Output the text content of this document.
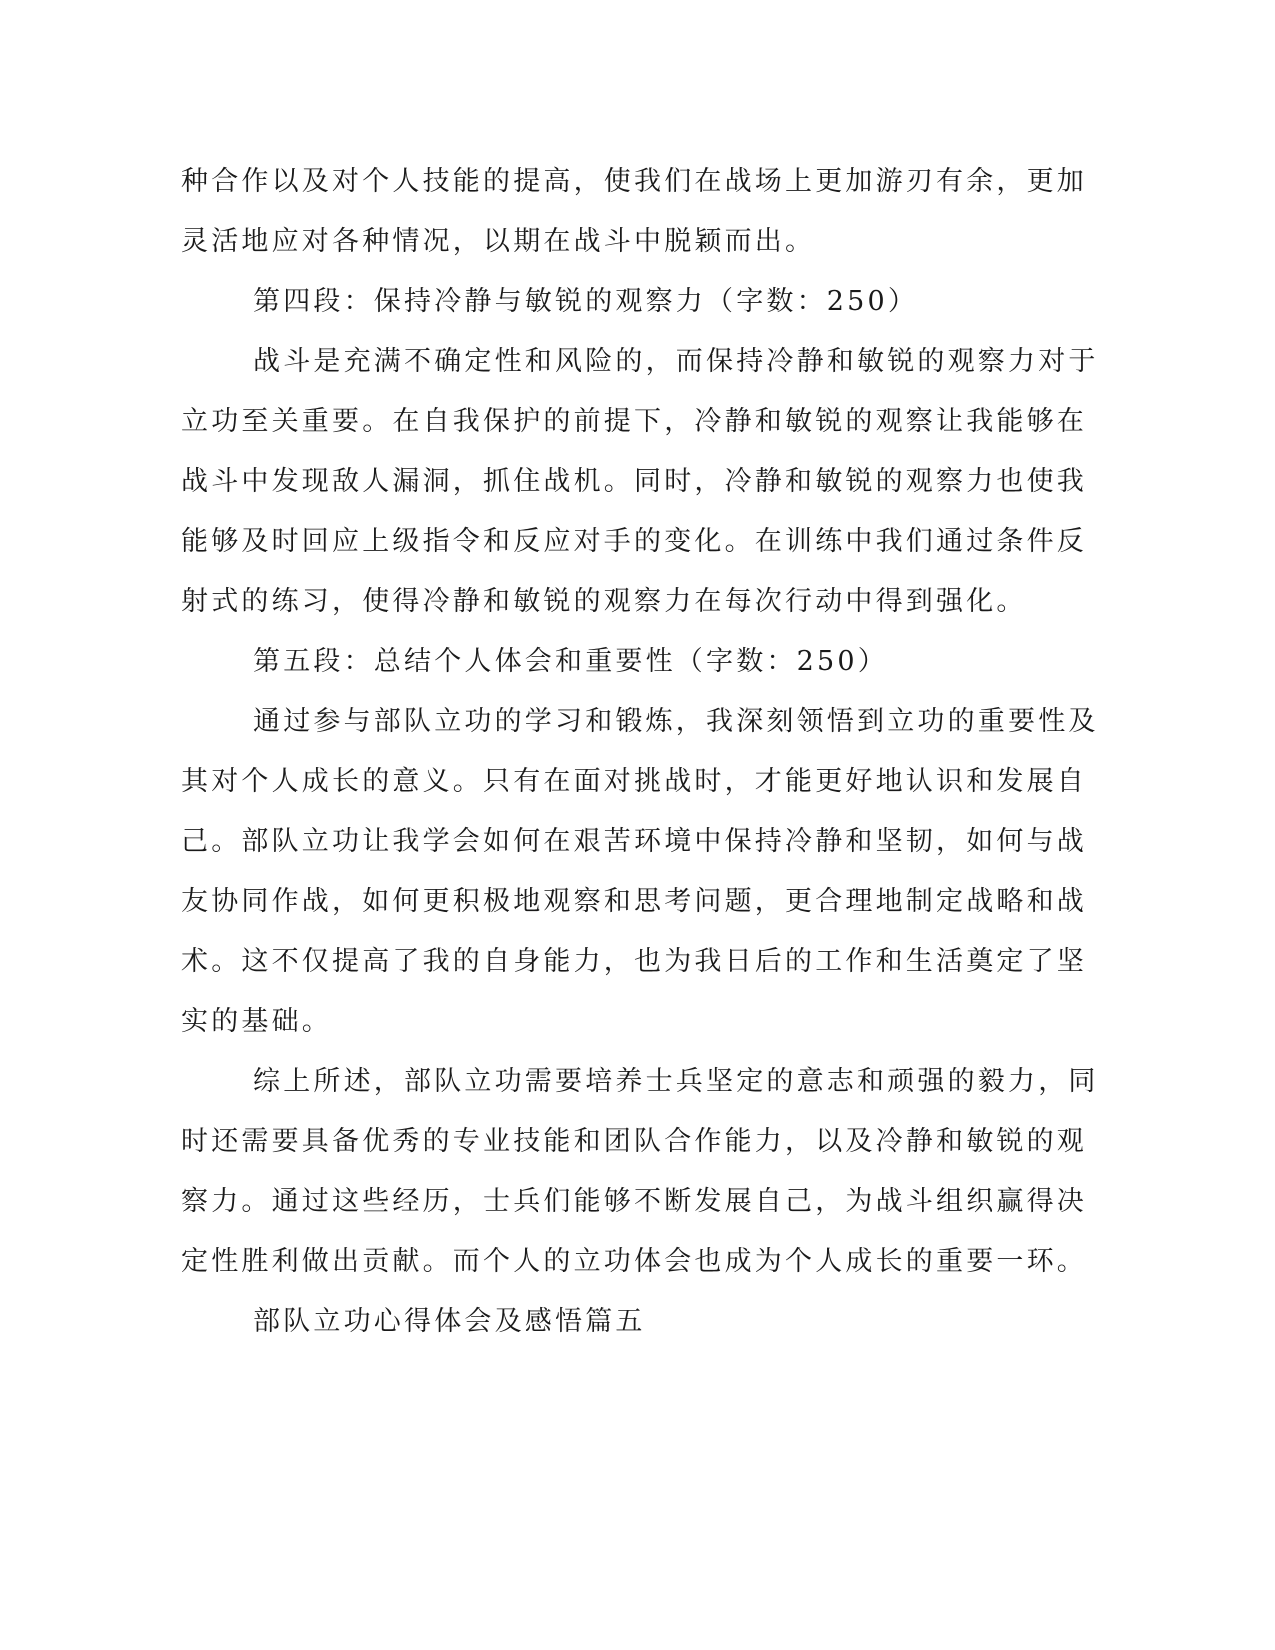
种合作以及对个人技能的提高，使我们在战场上更加游刃有余，更加
灵活地应对各种情况，以期在战斗中脱颖而出。
第四段：保持冷静与敏锐的观察力（字数：250）
战斗是充满不确定性和风险的，而保持冷静和敏锐的观察力对于
立功至关重要。在自我保护的前提下，冷静和敏锐的观察让我能够在
战斗中发现敌人漏洞，抓住战机。同时，冷静和敏锐的观察力也使我
能够及时回应上级指令和反应对手的变化。在训练中我们通过条件反
射式的练习，使得冷静和敏锐的观察力在每次行动中得到强化。
第五段：总结个人体会和重要性（字数：250）
通过参与部队立功的学习和锻炼，我深刻领悟到立功的重要性及
其对个人成长的意义。只有在面对挑战时，才能更好地认识和发展自
己。部队立功让我学会如何在艰苦环境中保持冷静和坚韧，如何与战
友协同作战，如何更积极地观察和思考问题，更合理地制定战略和战
术。这不仅提高了我的自身能力，也为我日后的工作和生活奠定了坚
实的基础。
综上所述，部队立功需要培养士兵坚定的意志和顽强的毅力，同
时还需要具备优秀的专业技能和团队合作能力，以及冷静和敏锐的观
察力。通过这些经历，士兵们能够不断发展自己，为战斗组织赢得决
定性胜利做出贡献。而个人的立功体会也成为个人成长的重要一环。
部队立功心得体会及感悟篇五
